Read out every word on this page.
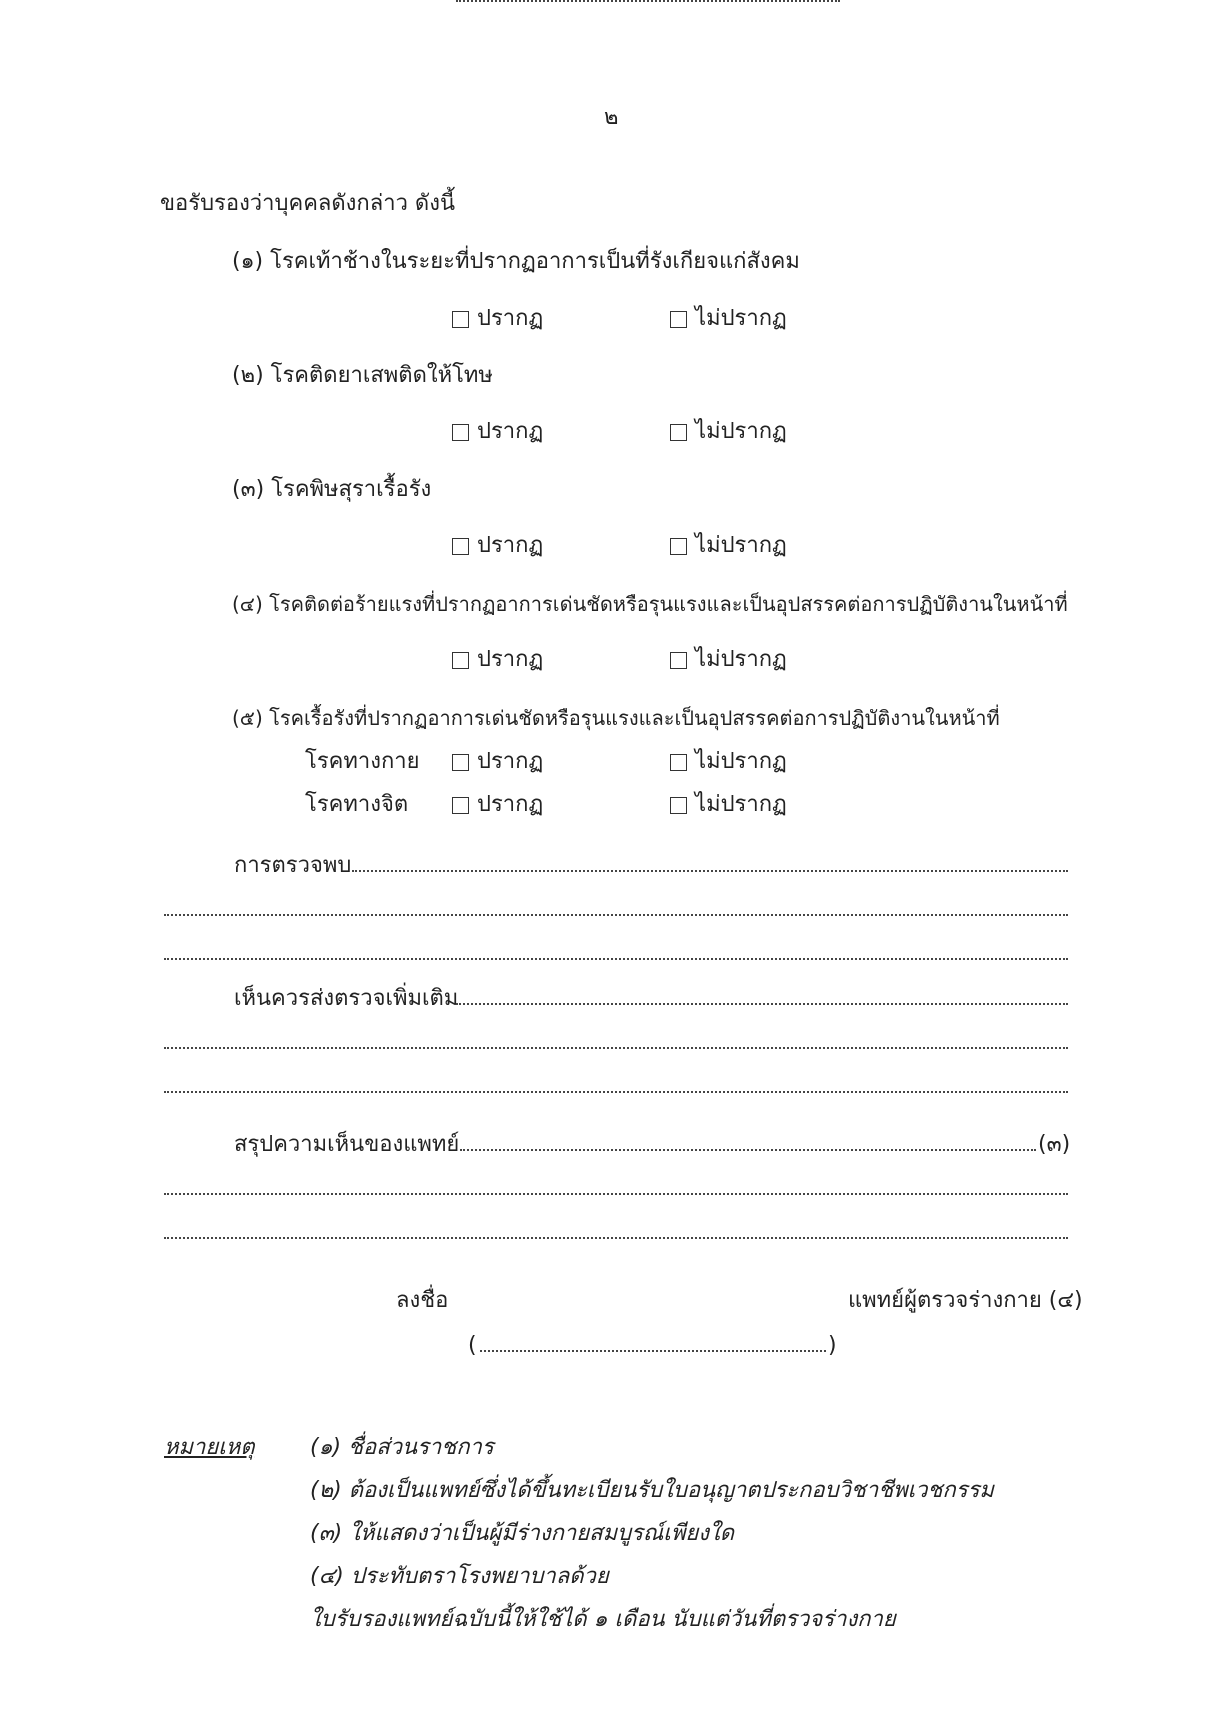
๒
ขอรับรองว่าบุคคลดังกล่าว ดังนี้
(๑) โรคเท้าช้างในระยะที่ปรากฏอาการเป็นที่รังเกียจแก่สังคม
ปรากฏ	ไม่ปรากฏ
(๒) โรคติดยาเสพติดให้โทษ
ปรากฏ	ไม่ปรากฏ
(๓) โรคพิษสุราเรื้อรัง
ปรากฏ	ไม่ปรากฏ
(๔) โรคติดต่อร้ายแรงที่ปรากฏอาการเด่นชัดหรือรุนแรงและเป็นอุปสรรคต่อการปฏิบัติงานในหน้าที่
ปรากฏ	ไม่ปรากฏ
(๕) โรคเรื้อรังที่ปรากฏอาการเด่นชัดหรือรุนแรงและเป็นอุปสรรคต่อการปฏิบัติงานในหน้าที่
โรคทางกาย	ปรากฏ	ไม่ปรากฏ
โรคทางจิต	ปรากฏ	ไม่ปรากฏ
การตรวจพบ
เห็นควรส่งตรวจเพิ่มเติม
สรุปความเห็นของแพทย์	(๓)
ลงชื่อ	แพทย์ผู้ตรวจร่างกาย (๔)
(	)
หมายเหตุ	(๑) ชื่อส่วนราชการ
(๒) ต้องเป็นแพทย์ซึ่งได้ขึ้นทะเบียนรับใบอนุญาตประกอบวิชาชีพเวชกรรม
(๓) ให้แสดงว่าเป็นผู้มีร่างกายสมบูรณ์เพียงใด
(๔) ประทับตราโรงพยาบาลด้วย
ใบรับรองแพทย์ฉบับนี้ให้ใช้ได้ ๑ เดือน นับแต่วันที่ตรวจร่างกาย
